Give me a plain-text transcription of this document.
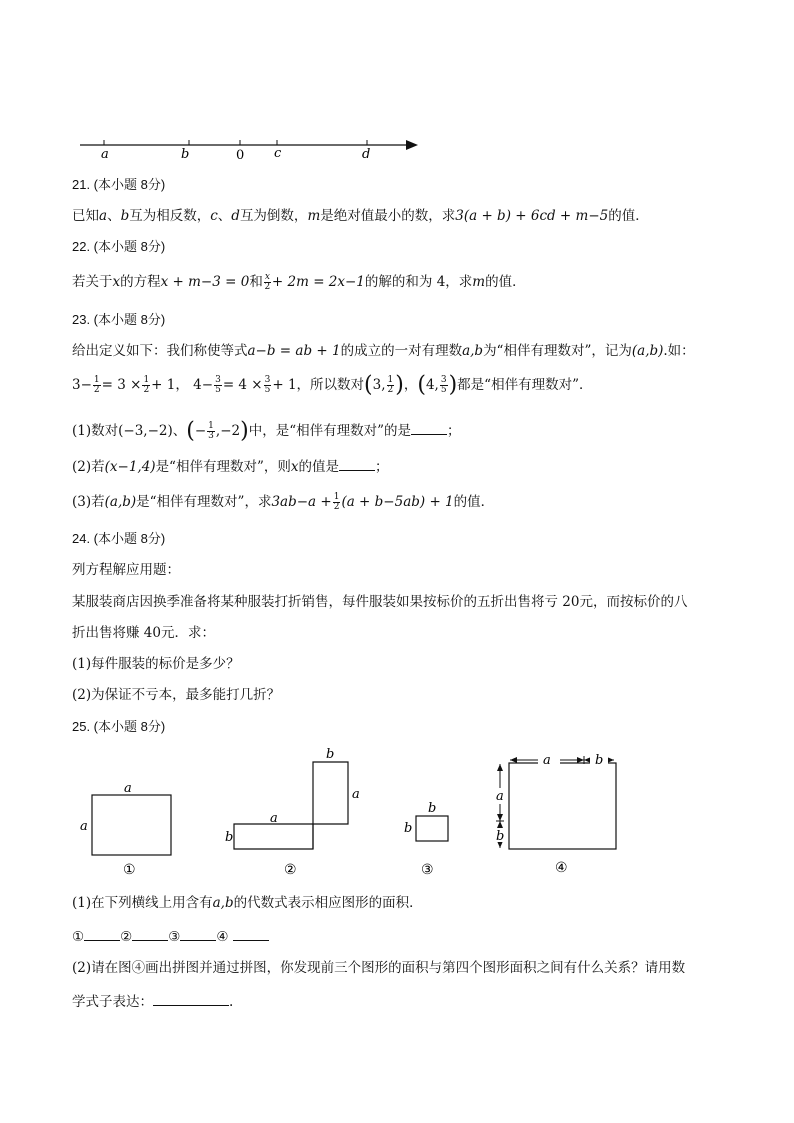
a	b	0 c	d
21. (本小题 8分)
已知a、b互为相反数，c、d互为倒数，m是绝对值最小的数，求3(a + b) + 6cd + m−5的值．
22. (本小题 8分)
若关于x的方程x + m−3 = 0和 $\frac{x}{2} + 2m = 2x-1$的解的和为 4，求m的值．
23. (本小题 8分)
给出定义如下：我们称使等式a−b = ab + 1的成立的一对有理数a,b为“相伴有理数对”，记为(a,b).如：
$3- \frac{1}{2} = 3 \times \frac{1}{2} + 1$， $4- \frac{3}{5} = 4 \times \frac{3}{5} + 1$，所以数对(3, $\frac{1}{2}$ )，(4, $\frac{3}{5}$ )都是“相伴有理数对”．
(1)数对(−3,−2)、(− $\frac{1}{3} ,-2$)中，是“相伴有理数对”的是	；
(2)若(x−1,4)是“相伴有理数对”，则x的值是	；
(3)若(a,b)是“相伴有理数对”，求$3ab-a + \frac{1}{2} (a + b-5ab) + 1$的值．
24. (本小题 8分)
列方程解应用题：
某服装商店因换季准备将某种服装打折销售，每件服装如果按标价的五折出售将亏 20元，而按标价的八
折出售将赚 40元．求：
(1)每件服装的标价是多少？
(2)为保证不亏本，最多能打几折？
25. (本小题 8分)
a
a
①
b
a
a
b
②
b
b
③
a	b
a
b
④
(1)在下列横线上用含有a,b的代数式表示相应图形的面积．
①	②	③	④
(2)请在图④画出拼图并通过拼图，你发现前三个图形的面积与第四个图形面积之间有什么关系？请用数
学式子表达：	.
